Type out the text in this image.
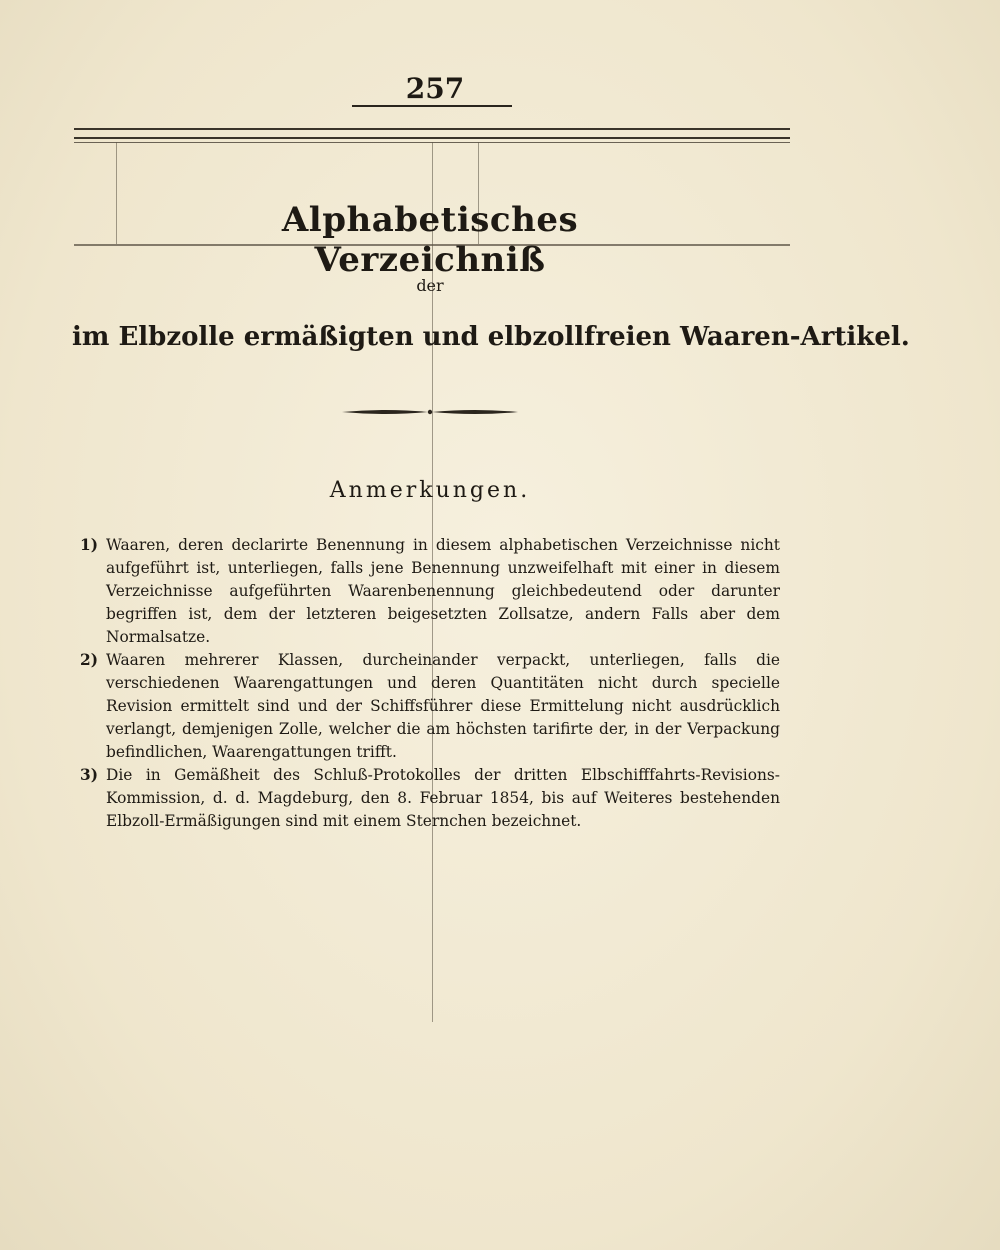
257
Alphabetisches Verzeichniß
der
im Elbzolle ermäßigten und elbzollfreien Waaren-Artikel.
Anmerkungen.
1) Waaren, deren declarirte Benennung in diesem alphabetischen Verzeichnisse nicht aufgeführt ist, unterliegen, falls jene Benennung unzweifelhaft mit einer in diesem Verzeichnisse aufgeführten Waarenbenennung gleichbedeutend oder darunter begriffen ist, dem der letzteren beigesetzten Zollsatze, andern Falls aber dem Normalsatze.
2) Waaren mehrerer Klassen, durcheinander verpackt, unterliegen, falls die verschiedenen Waarengattungen und deren Quantitäten nicht durch specielle Revision ermittelt sind und der Schiffsführer diese Ermittelung nicht ausdrücklich verlangt, demjenigen Zolle, welcher die am höchsten tarifirte der, in der Verpackung befindlichen, Waarengattungen trifft.
3) Die in Gemäßheit des Schluß-Protokolles der dritten Elbschifffahrts-Revisions-Kommission, d. d. Magdeburg, den 8. Februar 1854, bis auf Weiteres bestehenden Elbzoll-Ermäßigungen sind mit einem Sternchen bezeichnet.
